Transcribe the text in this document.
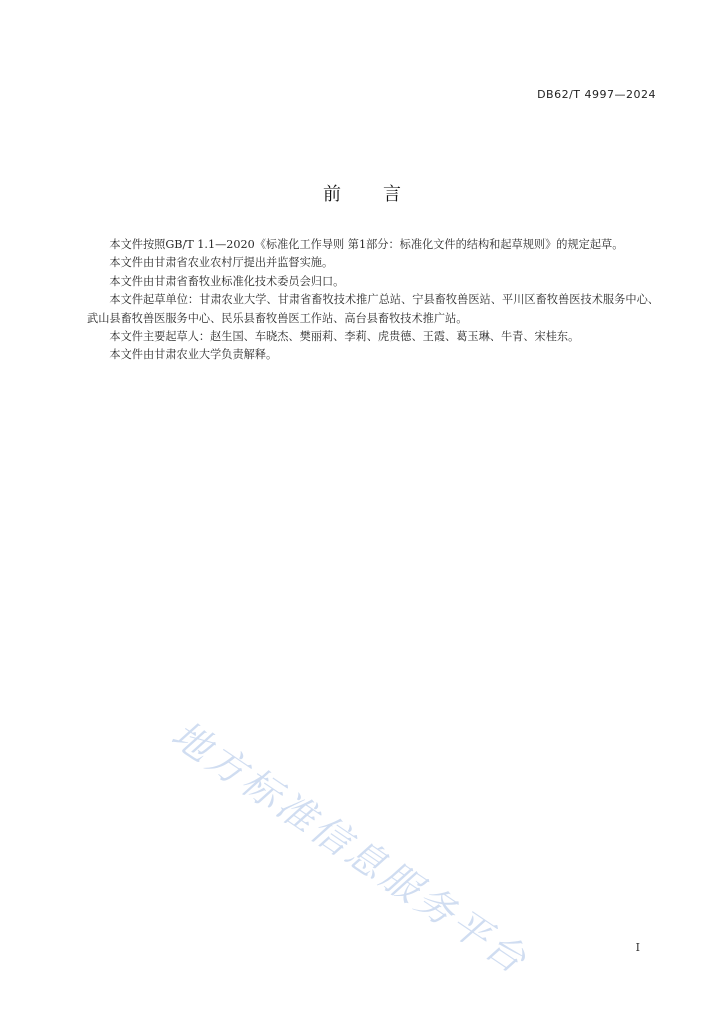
DB62/T 4997—2024
前 言

本文件按照GB/T 1.1—2020《标准化工作导则 第1部分：标准化文件的结构和起草规则》的规定起草。

本文件由甘肃省农业农村厅提出并监督实施。

本文件由甘肃省畜牧业标准化技术委员会归口。

本文件起草单位：甘肃农业大学、甘肃省畜牧技术推广总站、宁县畜牧兽医站、平川区畜牧兽医技术服务中心、武山县畜牧兽医服务中心、民乐县畜牧兽医工作站、高台县畜牧技术推广站。

本文件主要起草人：赵生国、车晓杰、樊丽莉、李莉、虎贵德、王霞、葛玉琳、牛青、宋桂东。

本文件由甘肃农业大学负责解释。

地方标准信息服务平台	I
